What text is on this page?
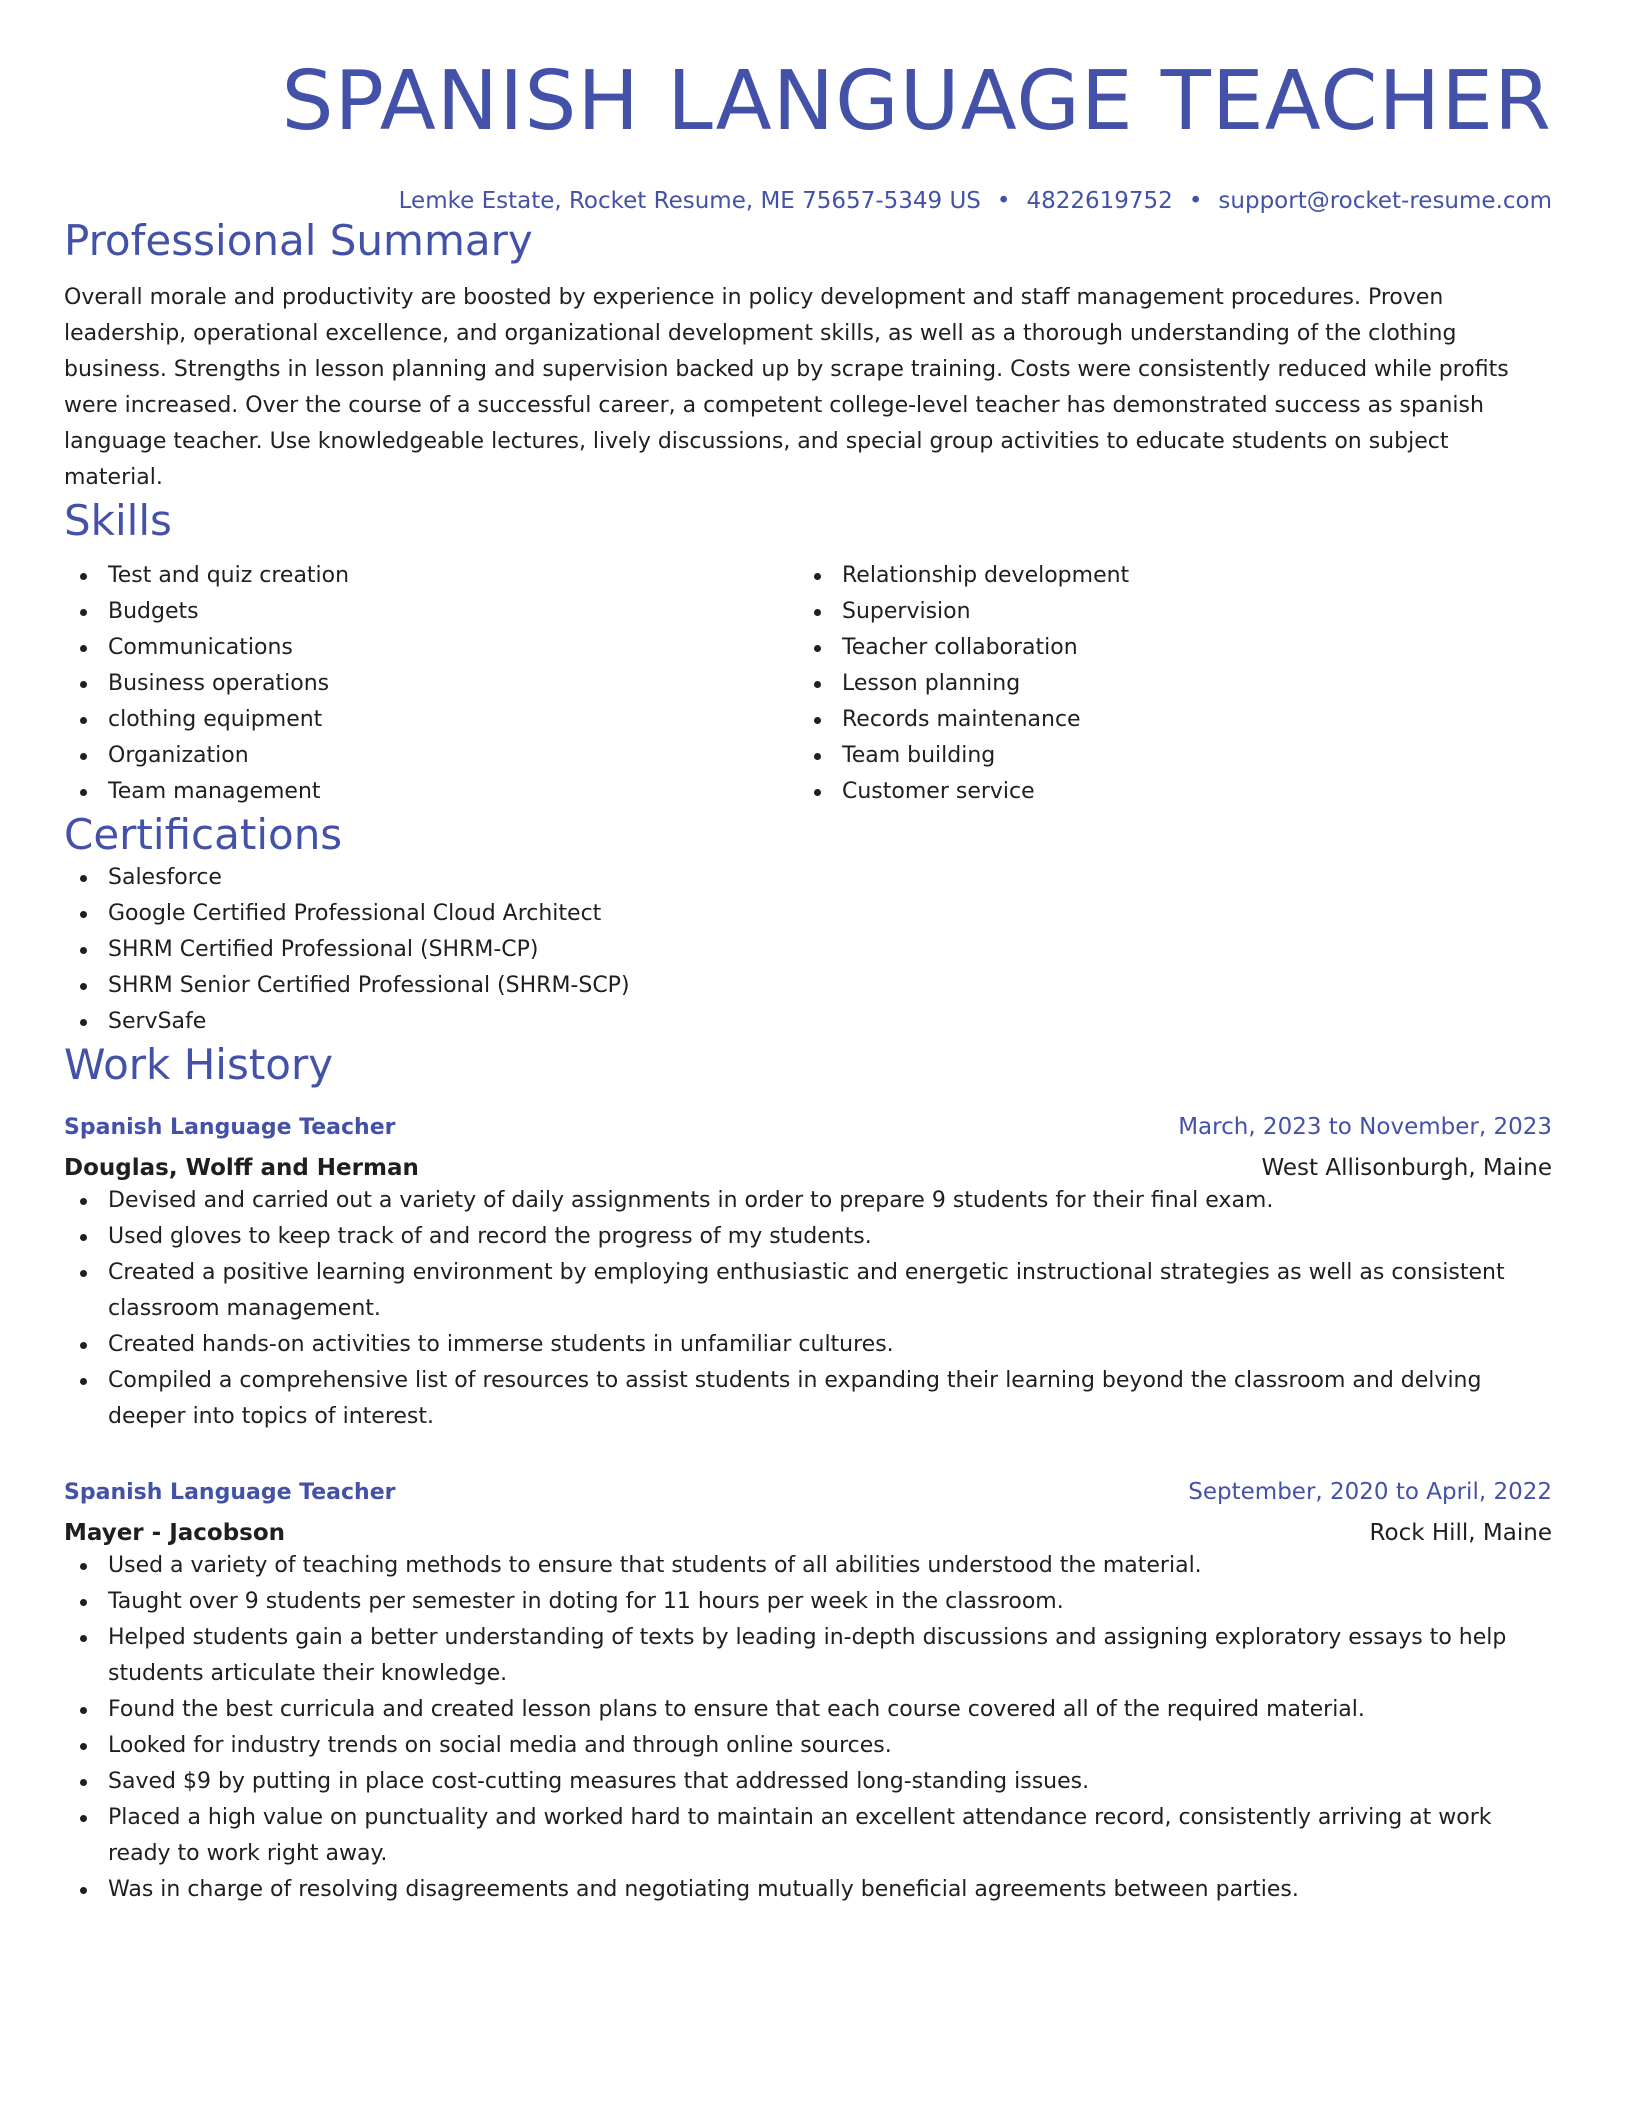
SPANISH LANGUAGE TEACHER
Lemke Estate, Rocket Resume, ME 75657-5349 US • 4822619752 • support@rocket-resume.com
Professional Summary

Overall morale and productivity are boosted by experience in policy development and staff management procedures. Proven leadership, operational excellence, and organizational development skills, as well as a thorough understanding of the clothing business. Strengths in lesson planning and supervision backed up by scrape training. Costs were consistently reduced while profits were increased. Over the course of a successful career, a competent college-level teacher has demonstrated success as spanish language teacher. Use knowledgeable lectures, lively discussions, and special group activities to educate students on subject material.

Skills
Test and quiz creation
Budgets
Communications
Business operations
clothing equipment
Organization
Team management
Relationship development
Supervision
Teacher collaboration
Lesson planning
Records maintenance
Team building
Customer service
Certifications
Salesforce
Google Certified Professional Cloud Architect
SHRM Certified Professional (SHRM-CP)
SHRM Senior Certified Professional (SHRM-SCP)
ServSafe
Work History
Spanish Language Teacher	March, 2023 to November, 2023
Douglas, Wolff and Herman	West Allisonburgh, Maine
Devised and carried out a variety of daily assignments in order to prepare 9 students for their final exam.
Used gloves to keep track of and record the progress of my students.
Created a positive learning environment by employing enthusiastic and energetic instructional strategies as well as consistent classroom management.
Created hands-on activities to immerse students in unfamiliar cultures.
Compiled a comprehensive list of resources to assist students in expanding their learning beyond the classroom and delving deeper into topics of interest.
Spanish Language Teacher	September, 2020 to April, 2022
Mayer - Jacobson	Rock Hill, Maine
Used a variety of teaching methods to ensure that students of all abilities understood the material.
Taught over 9 students per semester in doting for 11 hours per week in the classroom.
Helped students gain a better understanding of texts by leading in-depth discussions and assigning exploratory essays to help students articulate their knowledge.
Found the best curricula and created lesson plans to ensure that each course covered all of the required material.
Looked for industry trends on social media and through online sources.
Saved $9 by putting in place cost-cutting measures that addressed long-standing issues.
Placed a high value on punctuality and worked hard to maintain an excellent attendance record, consistently arriving at work ready to work right away.
Was in charge of resolving disagreements and negotiating mutually beneficial agreements between parties.
